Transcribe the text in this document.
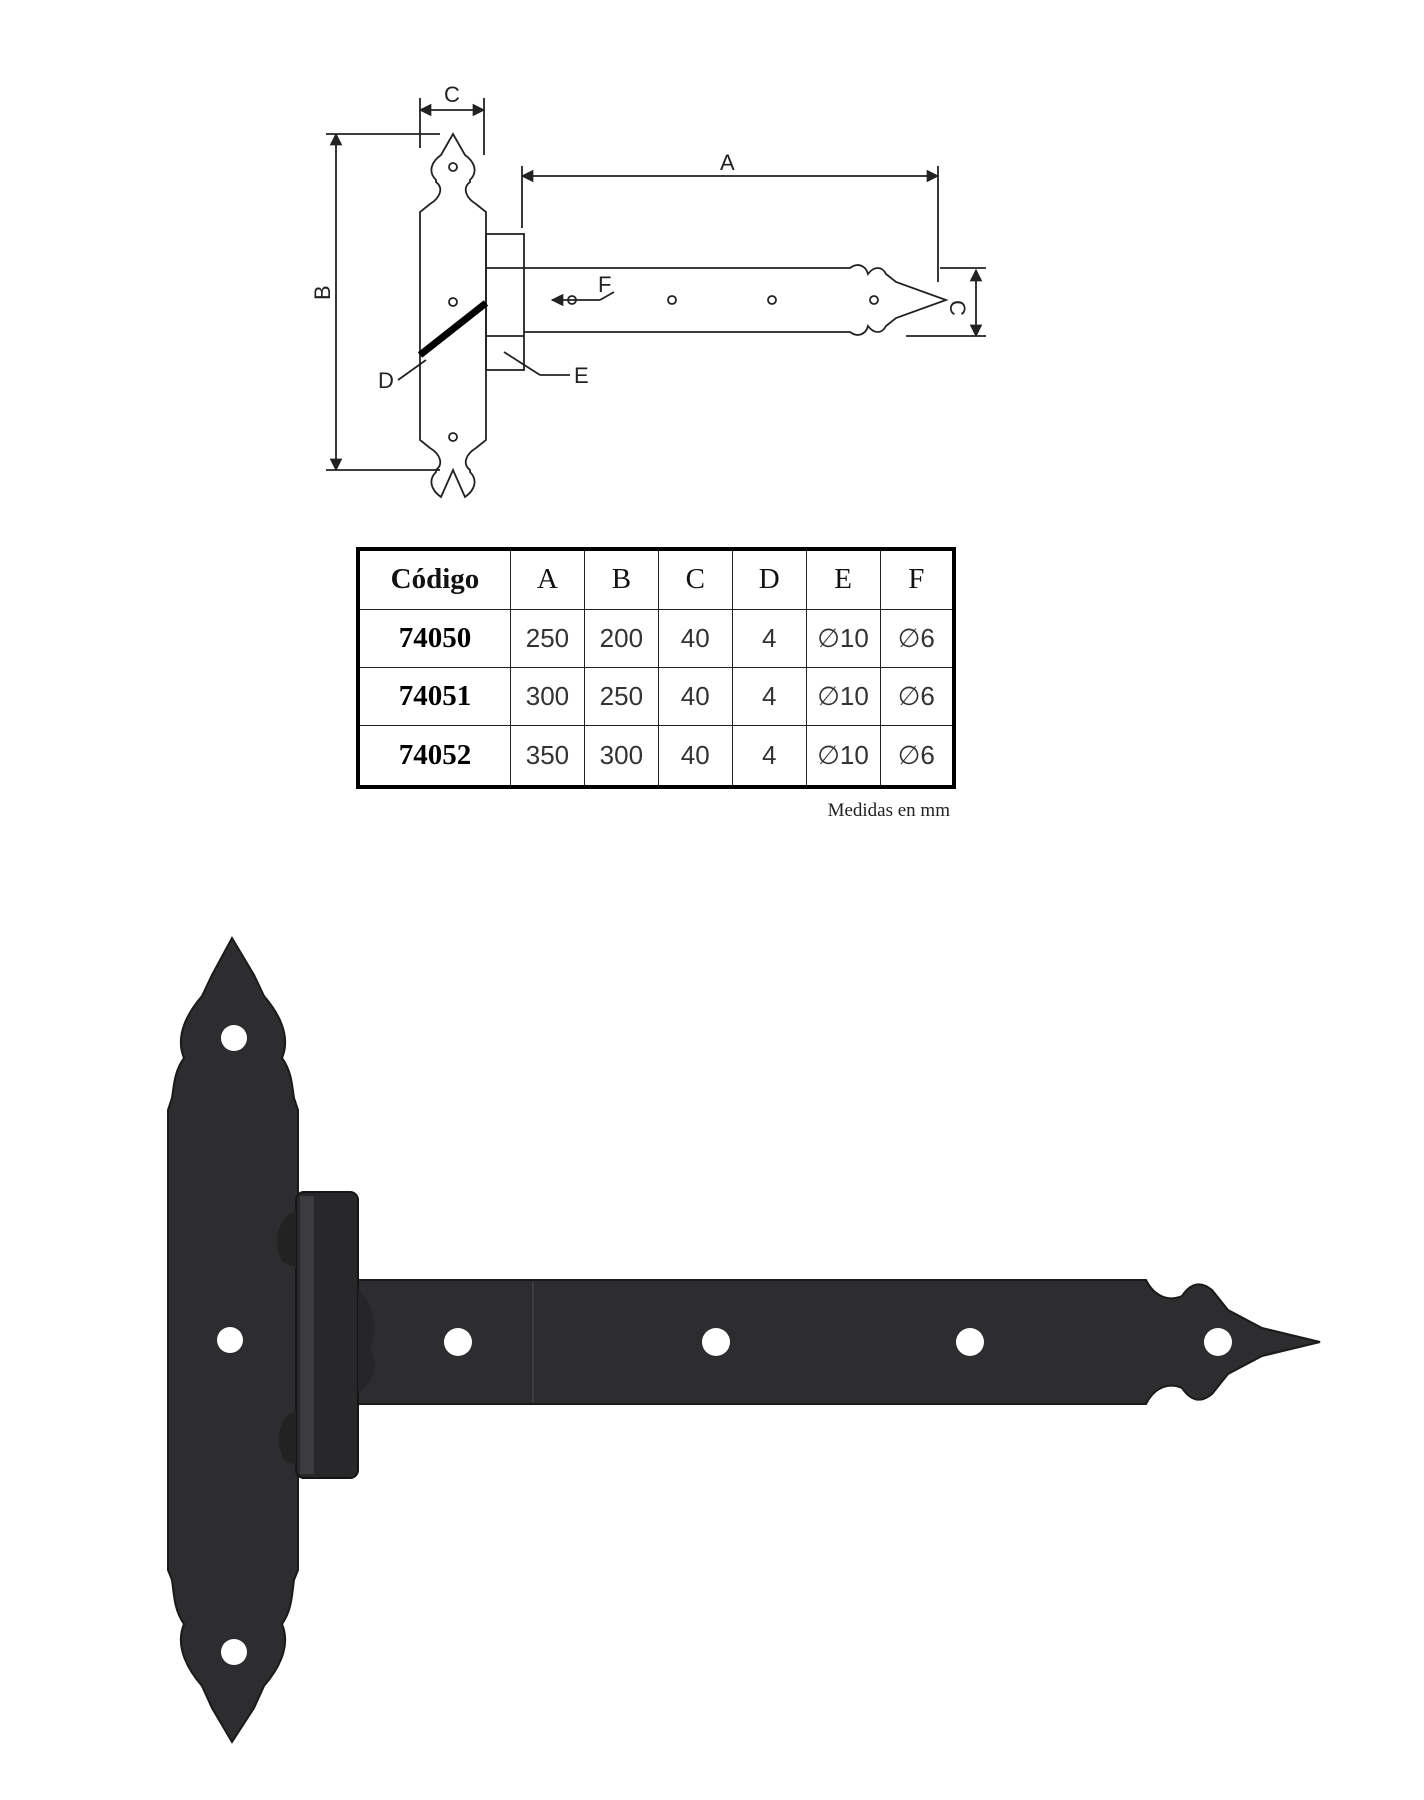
C
A
B
C
D	E
F
Código	A	B	C	D	E	F
74050	250	200	40	4	∅10	∅6
74051	300	250	40	4	∅10	∅6
74052	350	300	40	4	∅10	∅6
Medidas en mm
